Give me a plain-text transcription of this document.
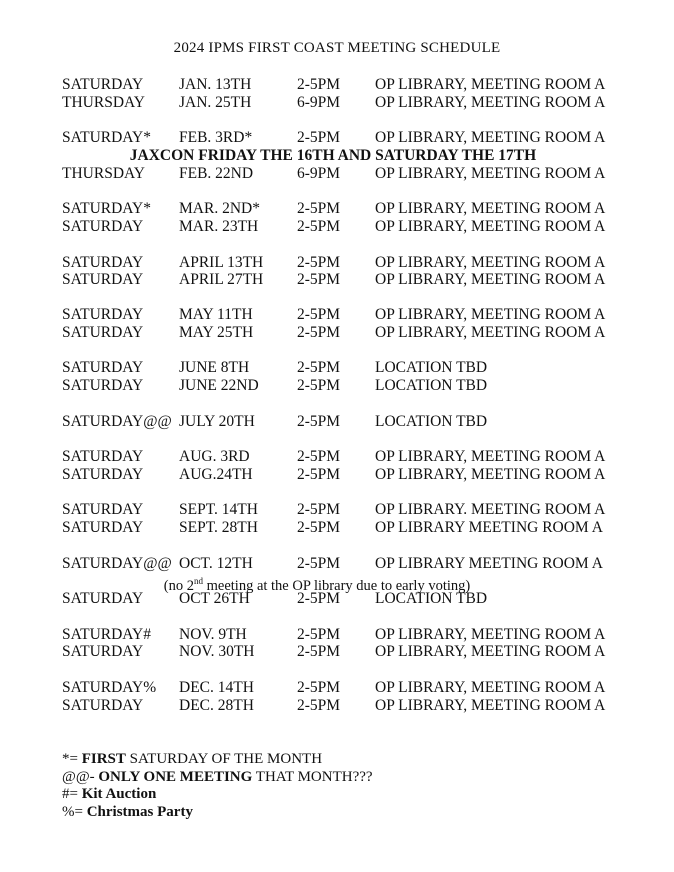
2024 IPMS FIRST COAST MEETING SCHEDULE
SATURDAY JAN. 13TH	2-5PM OP LIBRARY, MEETING ROOM A
THURSDAY JAN. 25TH	6-9PM OP LIBRARY, MEETING ROOM A
SATURDAY* FEB. 3RD*	2-5PM OP LIBRARY, MEETING ROOM A
JAXCON FRIDAY THE 16TH AND SATURDAY THE 17TH
THURSDAY FEB. 22ND	6-9PM OP LIBRARY, MEETING ROOM A
SATURDAY* MAR. 2ND* 2-5PM OP LIBRARY, MEETING ROOM A
SATURDAY MAR. 23TH	2-5PM OP LIBRARY, MEETING ROOM A
SATURDAY APRIL 13TH 2-5PM OP LIBRARY, MEETING ROOM A
SATURDAY APRIL 27TH 2-5PM OP LIBRARY, MEETING ROOM A
SATURDAY MAY 11TH	2-5PM OP LIBRARY, MEETING ROOM A
SATURDAY MAY 25TH	2-5PM OP LIBRARY, MEETING ROOM A
SATURDAY JUNE 8TH	2-5PM LOCATION TBD
SATURDAY JUNE 22ND 2-5PM LOCATION TBD
SATURDAY@@ JULY 20TH	2-5PM LOCATION TBD
SATURDAY AUG. 3RD	2-5PM OP LIBRARY, MEETING ROOM A
SATURDAY AUG.24TH	2-5PM OP LIBRARY, MEETING ROOM A
SATURDAY SEPT. 14TH	2-5PM OP LIBRARY. MEETING ROOM A
SATURDAY SEPT. 28TH	2-5PM OP LIBRARY MEETING ROOM A
SATURDAY@@ OCT. 12TH	2-5PM OP LIBRARY MEETING ROOM A
(no 2nd meeting at the OP library due to early voting)
SATURDAY OCT 26TH	2-5PM LOCATION TBD
SATURDAY# NOV. 9TH	2-5PM OP LIBRARY, MEETING ROOM A
SATURDAY NOV. 30TH	2-5PM OP LIBRARY, MEETING ROOM A
SATURDAY% DEC. 14TH	2-5PM OP LIBRARY, MEETING ROOM A
SATURDAY DEC. 28TH	2-5PM OP LIBRARY, MEETING ROOM A
*= FIRST SATURDAY OF THE MONTH
@@- ONLY ONE MEETING THAT MONTH???
#= Kit Auction
%= Christmas Party
